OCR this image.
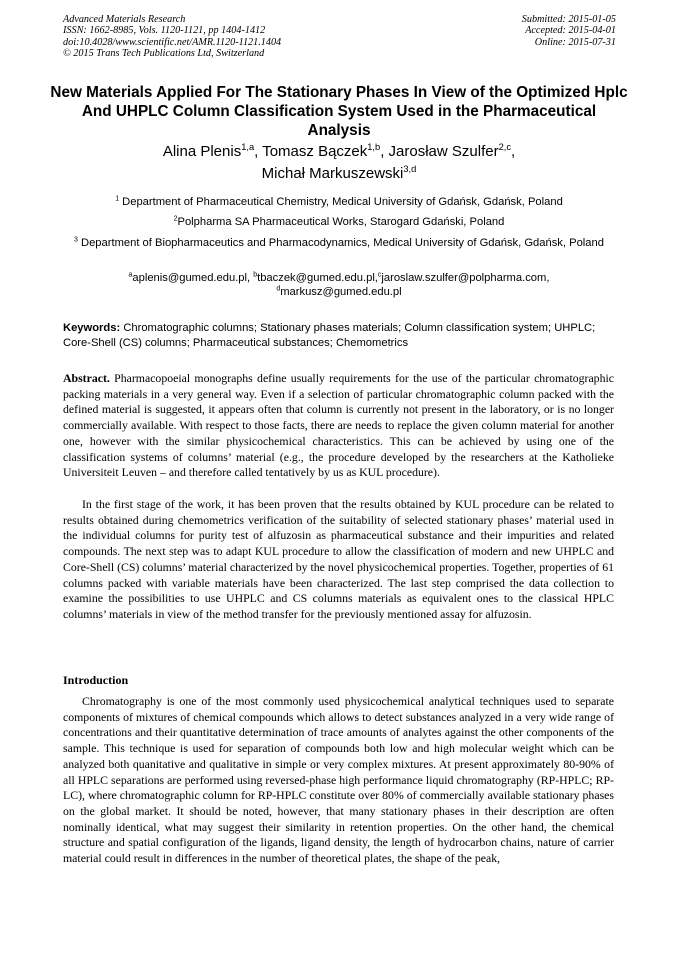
Advanced Materials Research
ISSN: 1662-8985, Vols. 1120-1121, pp 1404-1412
doi:10.4028/www.scientific.net/AMR.1120-1121.1404
© 2015 Trans Tech Publications Ltd, Switzerland
Submitted: 2015-01-05
Accepted: 2015-04-01
Online: 2015-07-31
New Materials Applied For The Stationary Phases In View of the Optimized Hplc And UHPLC Column Classification System Used in the Pharmaceutical Analysis
Alina Plenis$^{1,a}$, Tomasz Bączek$^{1,b}$, Jarosław Szulfer$^{2,c}$,
Michał Markuszewski$^{3,d}$
$^1$ Department of Pharmaceutical Chemistry, Medical University of Gdańsk, Gdańsk, Poland
$^2$Polpharma SA Pharmaceutical Works, Starogard Gdański, Poland
$^3$ Department of Biopharmaceutics and Pharmacodynamics, Medical University of Gdańsk, Gdańsk, Poland
$^a$aplenis@gumed.edu.pl, $^b$tbaczek@gumed.edu.pl,$^c$jaroslaw.szulfer@polpharma.com,
$^d$markusz@gumed.edu.pl
Keywords: Chromatographic columns; Stationary phases materials; Column classification system; UHPLC; Core-Shell (CS) columns; Pharmaceutical substances; Chemometrics

Abstract. Pharmacopoeial monographs define usually requirements for the use of the particular chromatographic packing materials in a very general way. Even if a selection of particular chromatographic column packed with the defined material is suggested, it appears often that column is currently not present in the laboratory, or is no longer commercially available. With respect to those facts, there are needs to replace the given column material for another one, however with the similar physicochemical characteristics. This can be achieved by using one of the classification systems of columns’ material (e.g., the procedure developed by the researchers at the Katholieke Universiteit Leuven – and therefore called tentatively by us as KUL procedure).

In the first stage of the work, it has been proven that the results obtained by KUL procedure can be related to results obtained during chemometrics verification of the suitability of selected stationary phases’ material used in the individual columns for purity test of alfuzosin as pharmaceutical substance and their impurities and related compounds. The next step was to adapt KUL procedure to allow the classification of modern and new UHPLC and Core-Shell (CS) columns’ material characterized by the novel physicochemical properties. Together, properties of 61 columns packed with variable materials have been characterized. The last step comprised the data collection to examine the possibilities to use UHPLC and CS columns materials as equivalent ones to the classical HPLC columns’ materials in view of the method transfer for the previously mentioned assay for alfuzosin.

Introduction

Chromatography is one of the most commonly used physicochemical analytical techniques used to separate components of mixtures of chemical compounds which allows to detect substances analyzed in a very wide range of concentrations and their quantitative determination of trace amounts of analytes against the other components of the sample. This technique is used for separation of compounds both low and high molecular weight which can be analyzed both quanitative and qualitative in simple or very complex mixtures. At present approximately 80-90% of all HPLC separations are performed using reversed-phase high performance liquid chromatography (RP-HPLC; RP-LC), where chromatographic column for RP-HPLC constitute over 80% of commercially available stationary phases on the global market. It should be noted, however, that many stationary phases in their description are often nominally identical, what may suggest their similarity in retention properties. On the other hand, the chemical structure and spatial configuration of the ligands, ligand density, the length of hydrocarbon chains, nature of carrier material could result in differences in the number of theoretical plates, the shape of the peak,
